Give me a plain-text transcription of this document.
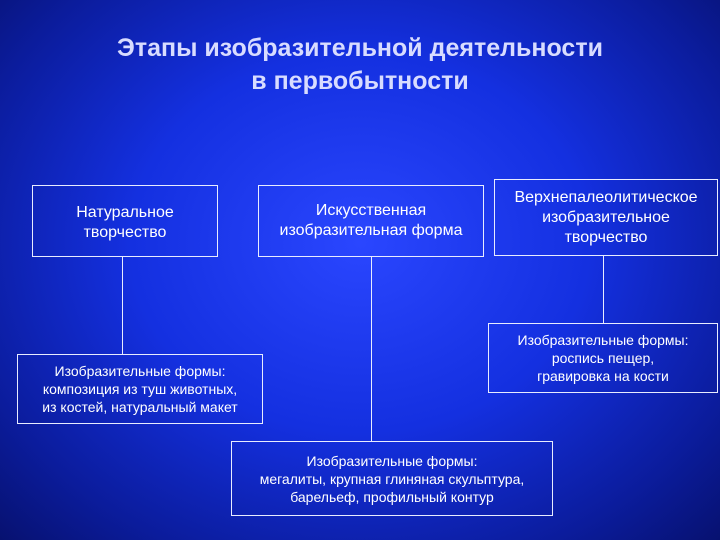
Этапы изобразительной деятельности
в первобытности
Натуральное
творчество
Искусственная
изобразительная форма
Верхнепалеолитическое
изобразительное
творчество
Изобразительные формы:
композиция из туш животных,
из костей, натуральный макет
Изобразительные формы:
мегалиты, крупная глиняная скульптура,
барельеф, профильный контур
Изобразительные формы:
роспись пещер,
гравировка на кости
